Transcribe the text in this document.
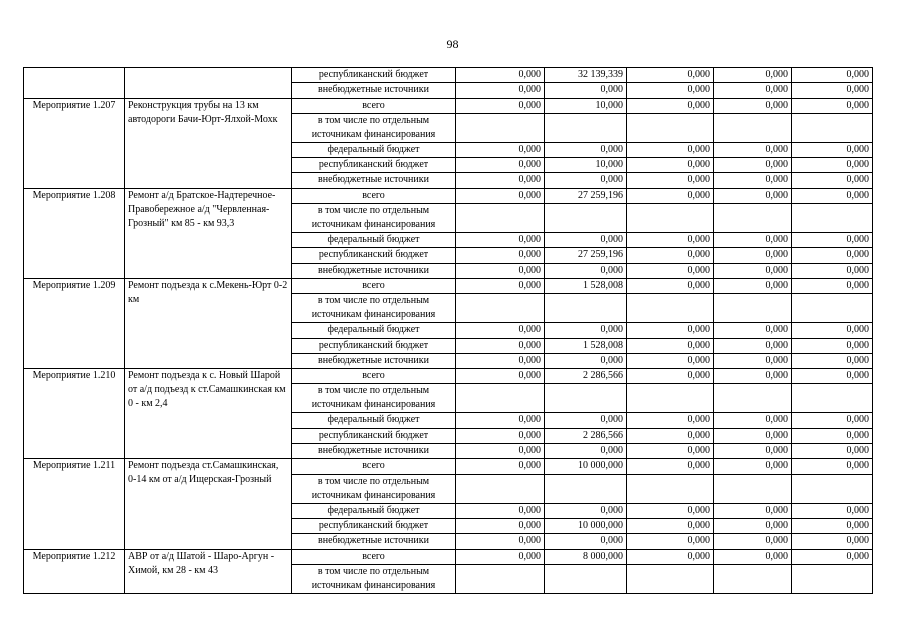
98
		республиканский бюджет	0,000	32 139,339	0,000	0,000	0,000
		внебюджетные источники	0,000	0,000	0,000	0,000	0,000
Мероприятие 1.207	Реконструкция трубы на 13 км автодороги Бачи-Юрт-Ялхой-Мохк	всего	0,000	10,000	0,000	0,000	0,000
		в том числе по отдельным источникам финансирования					
		федеральный бюджет	0,000	0,000	0,000	0,000	0,000
		республиканский бюджет	0,000	10,000	0,000	0,000	0,000
		внебюджетные источники	0,000	0,000	0,000	0,000	0,000
Мероприятие 1.208	Ремонт а/д Братское-Надтеречное-Правобережное а/д "Червленная-Грозный" км 85 - км 93,3	всего	0,000	27 259,196	0,000	0,000	0,000
		в том числе по отдельным источникам финансирования					
		федеральный бюджет	0,000	0,000	0,000	0,000	0,000
		республиканский бюджет	0,000	27 259,196	0,000	0,000	0,000
		внебюджетные источники	0,000	0,000	0,000	0,000	0,000
Мероприятие 1.209	Ремонт подъезда к с.Мекень-Юрт 0-2 км	всего	0,000	1 528,008	0,000	0,000	0,000
		в том числе по отдельным источникам финансирования					
		федеральный бюджет	0,000	0,000	0,000	0,000	0,000
		республиканский бюджет	0,000	1 528,008	0,000	0,000	0,000
		внебюджетные источники	0,000	0,000	0,000	0,000	0,000
Мероприятие 1.210	Ремонт подъезда к с. Новый Шарой от а/д подъезд к ст.Самашкинская км 0 - км 2,4	всего	0,000	2 286,566	0,000	0,000	0,000
		в том числе по отдельным источникам финансирования					
		федеральный бюджет	0,000	0,000	0,000	0,000	0,000
		республиканский бюджет	0,000	2 286,566	0,000	0,000	0,000
		внебюджетные источники	0,000	0,000	0,000	0,000	0,000
Мероприятие 1.211	Ремонт подъезда ст.Самашкинская, 0-14 км от а/д Ищерская-Грозный	всего	0,000	10 000,000	0,000	0,000	0,000
		в том числе по отдельным источникам финансирования					
		федеральный бюджет	0,000	0,000	0,000	0,000	0,000
		республиканский бюджет	0,000	10 000,000	0,000	0,000	0,000
		внебюджетные источники	0,000	0,000	0,000	0,000	0,000
Мероприятие 1.212	АВР от а/д Шатой - Шаро-Аргун - Химой, км 28 - км 43	всего	0,000	8 000,000	0,000	0,000	0,000
		в том числе по отдельным источникам финансирования					
